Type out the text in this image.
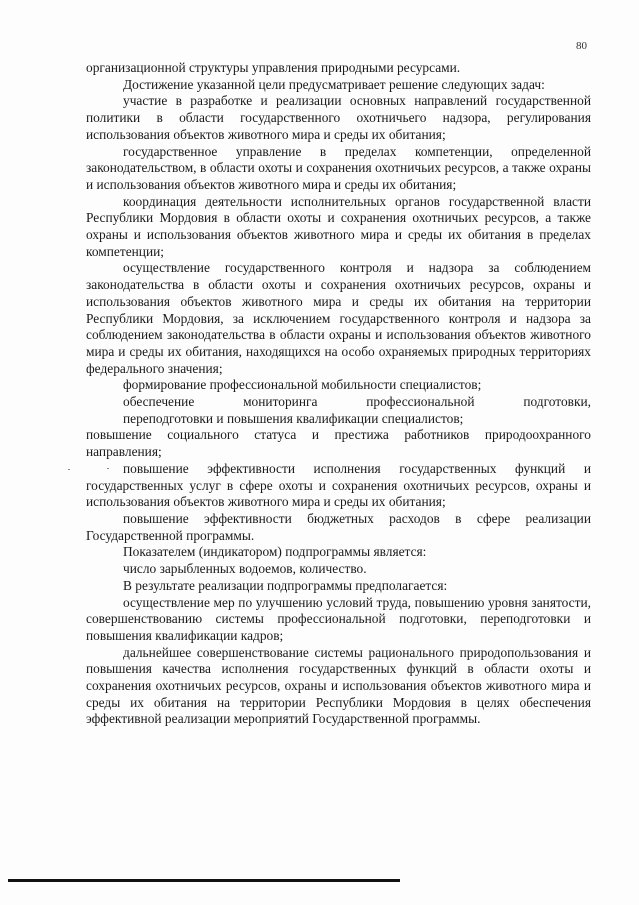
80

организационной структуры управления природными ресурсами.

Достижение указанной цели предусматривает решение следующих задач:

участие в разработке и реализации основных направлений государственной политики в области государственного охотничьего надзора, регулирования использования объектов животного мира и среды их обитания;

государственное управление в пределах компетенции, определенной законодательством, в области охоты и сохранения охотничьих ресурсов, а также охраны и использования объектов животного мира и среды их обитания;

координация деятельности исполнительных органов государственной власти Республики Мордовия в области охоты и сохранения охотничьих ресурсов, а также охраны и использования объектов животного мира и среды их обитания в пределах компетенции;

осуществление государственного контроля и надзора за соблюдением законодательства в области охоты и сохранения охотничьих ресурсов, охраны и использования объектов животного мира и среды их обитания на территории Республики Мордовия, за исключением государственного контроля и надзора за соблюдением законодательства в области охраны и использования объектов животного мира и среды их обитания, находящихся на особо охраняемых природных территориях федерального значения;

формирование профессиональной мобильности специалистов;

обеспечение мониторинга профессиональной подготовки,

переподготовки и повышения квалификации специалистов;

повышение социального статуса и престижа работников природоохранного направления;

повышение эффективности исполнения государственных функций и государственных услуг в сфере охоты и сохранения охотничьих ресурсов, охраны и использования объектов животного мира и среды их обитания;

повышение эффективности бюджетных расходов в сфере реализации Государственной программы.

Показателем (индикатором) подпрограммы является:

число зарыбленных водоемов, количество.

В результате реализации подпрограммы предполагается:

осуществление мер по улучшению условий труда, повышению уровня занятости, совершенствованию системы профессиональной подготовки, переподготовки и повышения квалификации кадров;

дальнейшее совершенствование системы рационального природопользования и повышения качества исполнения государственных функций в области охоты и сохранения охотничьих ресурсов, охраны и использования объектов животного мира и среды их обитания на территории Республики Мордовия в целях обеспечения эффективной реализации мероприятий Государственной программы.
